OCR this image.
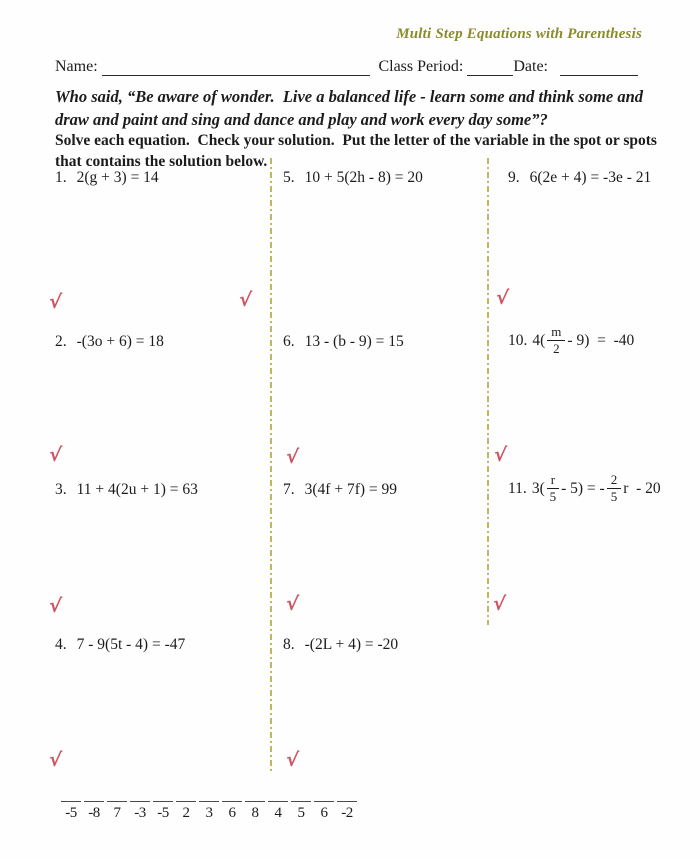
Multi Step Equations with Parenthesis
Name:	Class Period:	Date:
Who said, “Be aware of wonder.  Live a balanced life - learn some and think some and
draw and paint and sing and dance and play and work every day some”?
Solve each equation.  Check your solution.  Put the letter of the variable in the spot or spots
that contains the solution below.
1. 2(g + 3) = 14
2. -(3o + 6) = 18
3. 11 + 4(2u + 1) = 63
4. 7 - 9(5t - 4) = -47
5. 10 + 5(2h - 8) = 20
6. 13 - (b - 9) = 15
7. 3(4f + 7f) = 99
8. -(2L + 4) = -20
9. 6(2e + 4) = -3e - 21
10. $4( \frac{m}{2} - 9) = -40$
11. $3( \frac{r}{5} - 5)$ = - $\frac{2}{5}$ r  - 20
√	√	√
√	√	√
√	√	√
√	√
-5 -8 7 -3 -5 2 3 6 8 4 5 6 -2
